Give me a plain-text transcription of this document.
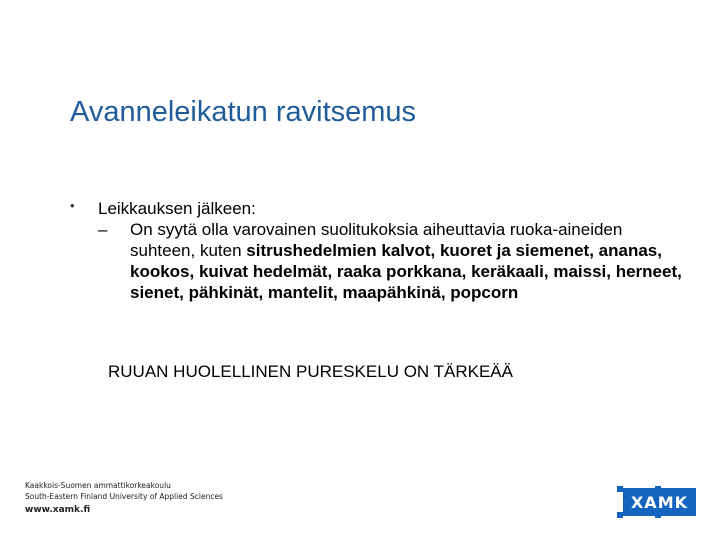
Avanneleikatun ravitsemus
• Leikkauksen jälkeen:
– On syytä olla varovainen suolitukoksia aiheuttavia ruoka-aineiden suhteen, kuten sitrushedelmien kalvot, kuoret ja siemenet, ananas, kookos, kuivat hedelmät, raaka porkkana, keräkaali, maissi, herneet, sienet, pähkinät, mantelit, maapähkinä, popcorn
RUUAN HUOLELLINEN PURESKELU ON TÄRKEÄÄ
Kaakkois-Suomen ammattikorkeakoulu
South-Eastern Finland University of Applied Sciences
www.xamk.fi	XAMK
